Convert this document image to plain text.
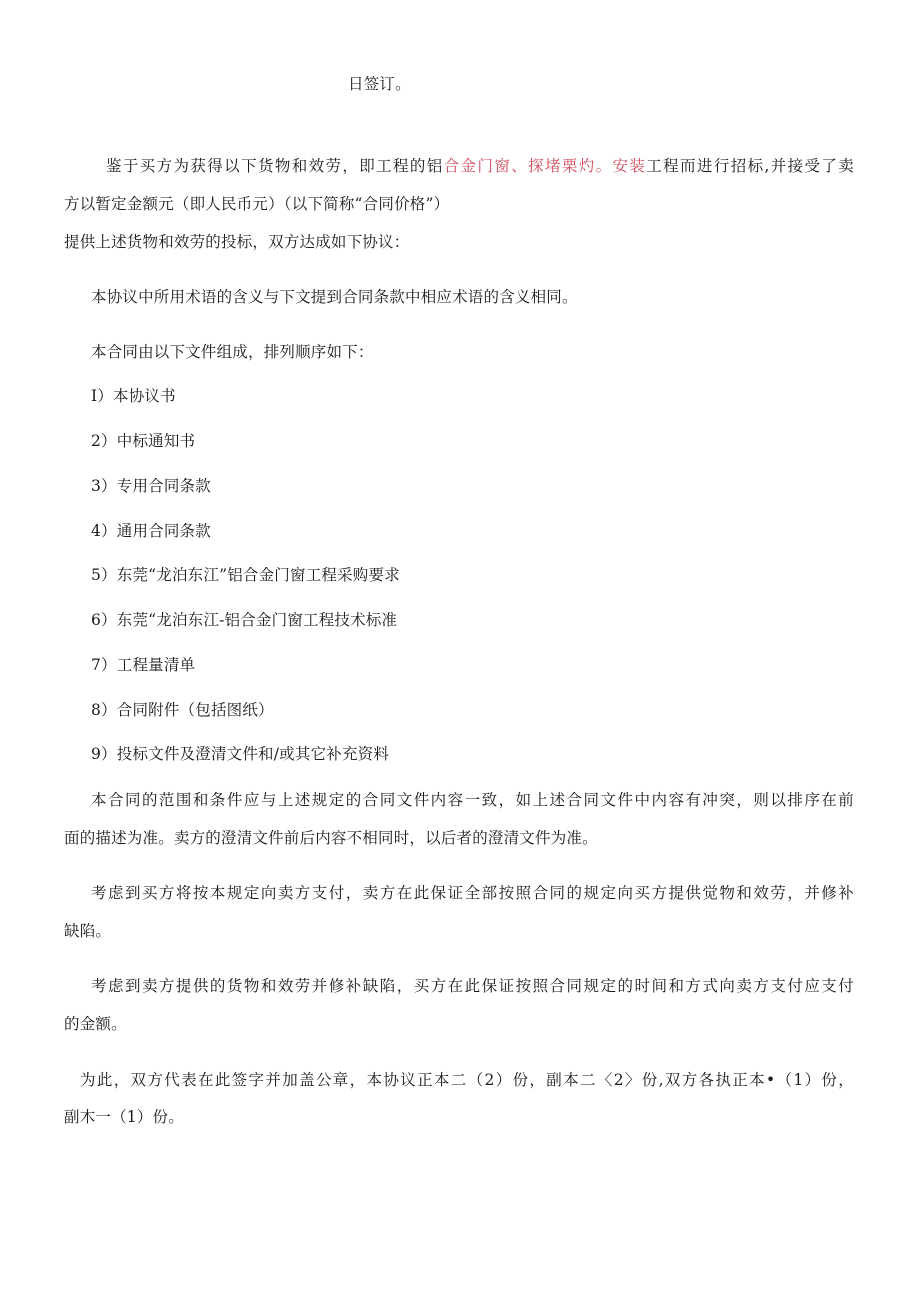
日签订。
鉴于买方为获得以下货物和效劳，即工程的铝合金门窗、探堵栗灼。安装工程而进行招标,并接受了卖
方以暂定金额元（即人民币元）（以下简称“合同价格”）
提供上述货物和效劳的投标，双方达成如下协议：
本协议中所用术语的含义与下文提到合同条款中相应术语的含义相同。
本合同由以下文件组成，排列顺序如下：
I）本协议书
2）中标通知书
3）专用合同条款
4）通用合同条款
5）东莞“龙泊东江”铝合金门窗工程采购要求
6）东莞“龙泊东江-铝合金门窗工程技术标准
7）工程量清单
8）合同附件（包括图纸）
9）投标文件及澄清文件和/或其它补充资料
本合同的范围和条件应与上述规定的合同文件内容一致，如上述合同文件中内容有冲突，则以排序在前
面的描述为准。卖方的澄清文件前后内容不相同时，以后者的澄清文件为准。
考虑到买方将按本规定向卖方支付，卖方在此保证全部按照合同的规定向买方提供觉物和效劳，并修补
缺陷。
考虑到卖方提供的货物和效劳并修补缺陷，买方在此保证按照合同规定的时间和方式向卖方支付应支付
的金额。
为此，双方代表在此签字并加盖公章，本协议正本二（2）份，副本二〈2〉份,双方各执正本•（1）份，
副木一（1）份。
